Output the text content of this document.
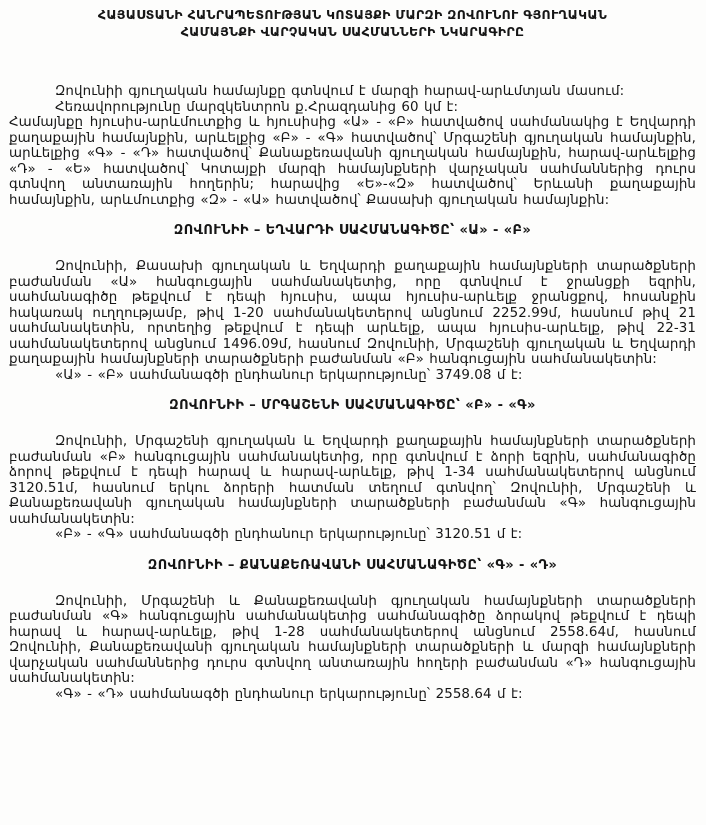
ՀԱՅԱՍՏԱՆԻ ՀԱՆՐԱՊԵՏՈՒԹՅԱՆ ԿՈՏԱՅՔԻ ՄԱՐԶԻ ԶՈՎՈՒՆՈՒ ԳՅՈՒՂԱԿԱՆ
ՀԱՄԱՅՆՔԻ ՎԱՐՉԱԿԱՆ ՍԱՀՄԱՆՆԵՐԻ ՆԿԱՐԱԳԻՐԸ

Զովունիի գյուղական համայնքը գտնվում է մարզի հարավ-արևմտյան մասում:

Հեռավորությունը մարզկենտրոն ք.Հրազդանից 60 կմ է:

Համայնքը հյուսիս-արևմուտքից և հյուսիսից «Ա» - «Բ» հատվածով սահմանակից է Եղվարդի քաղաքային համայնքին, արևելքից «Բ» - «Գ» հատվածով՝ Մրգաշենի գյուղական համայնքին, արևելքից «Գ» - «Դ» հատվածով՝ Քանաքեռավանի գյուղական համայնքին, հարավ-արևելքից «Դ» - «Ե» հատվածով՝ Կոտայքի մարզի համայնքների վարչական սահմաններից դուրս գտնվող անտառային հողերին; հարավից «Ե»-«Զ» հատվածով՝ Երևանի քաղաքային համայնքին, արևմուտքից «Զ» - «Ա» հատվածով՝ Քասախի գյուղական համայնքին:

ԶՈՎՈՒՆԻԻ – ԵՂՎԱՐԴԻ ՍԱՀՄԱՆԱԳԻԾԸ՝ «Ա» - «Բ»

Զովունիի, Քասախի գյուղական և Եղվարդի քաղաքային համայնքների տարածքների բաժանման «Ա» հանգուցային սահմանակետից, որը գտնվում է ջրանցքի եզրին, սահմանագիծը թեքվում է դեպի հյուսիս, ապա հյուսիս-արևելք ջրանցքով, հոսանքին հակառակ ուղղությամբ, թիվ 1-20 սահմանակետերով անցնում 2252.99մ, հասնում թիվ 21 սահմանակետին, որտեղից թեքվում է դեպի արևելք, ապա հյուսիս-արևելք, թիվ 22-31 սահմանակետերով անցնում 1496.09մ, հասնում Զովունիի, Մրգաշենի գյուղական և Եղվարդի քաղաքային համայնքների տարածքների բաժանման «Բ» հանգուցային սահմանակետին:

«Ա» - «Բ» սահմանագծի ընդհանուր երկարությունը՝ 3749.08 մ է:

ԶՈՎՈՒՆԻԻ – ՄՐԳԱՇԵՆԻ ՍԱՀՄԱՆԱԳԻԾԸ՝ «Բ» - «Գ»

Զովունիի, Մրգաշենի գյուղական և Եղվարդի քաղաքային համայնքների տարածքների բաժանման «Բ» հանգուցային սահմանակետից, որը գտնվում է ձորի եզրին, սահմանագիծը ձորով թեքվում է դեպի հարավ և հարավ-արևելք, թիվ 1-34 սահմանակետերով անցնում 3120.51մ, հասնում երկու ձորերի հատման տեղում գտնվող՝ Զովունիի, Մրգաշենի և Քանաքեռավանի գյուղական համայնքների տարածքների բաժանման «Գ» հանգուցային սահմանակետին:

«Բ» - «Գ» սահմանագծի ընդհանուր երկարությունը՝ 3120.51 մ է:

ԶՈՎՈՒՆԻԻ – ՔԱՆԱՔԵՌԱՎԱՆԻ ՍԱՀՄԱՆԱԳԻԾԸ՝ «Գ» - «Դ»

Զովունիի, Մրգաշենի և Քանաքեռավանի գյուղական համայնքների տարածքների բաժանման «Գ» հանգուցային սահմանակետից սահմանագիծը ձորակով թեքվում է դեպի հարավ և հարավ-արևելք, թիվ 1-28 սահմանակետերով անցնում 2558.64մ, հասնում Զովունիի, Քանաքեռավանի գյուղական համայնքների տարածքների և մարզի համայնքների վարչական սահմաններից դուրս գտնվող անտառային հողերի բաժանման «Դ» հանգուցային սահմանակետին:

«Գ» - «Դ» սահմանագծի ընդհանուր երկարությունը՝ 2558.64 մ է:
